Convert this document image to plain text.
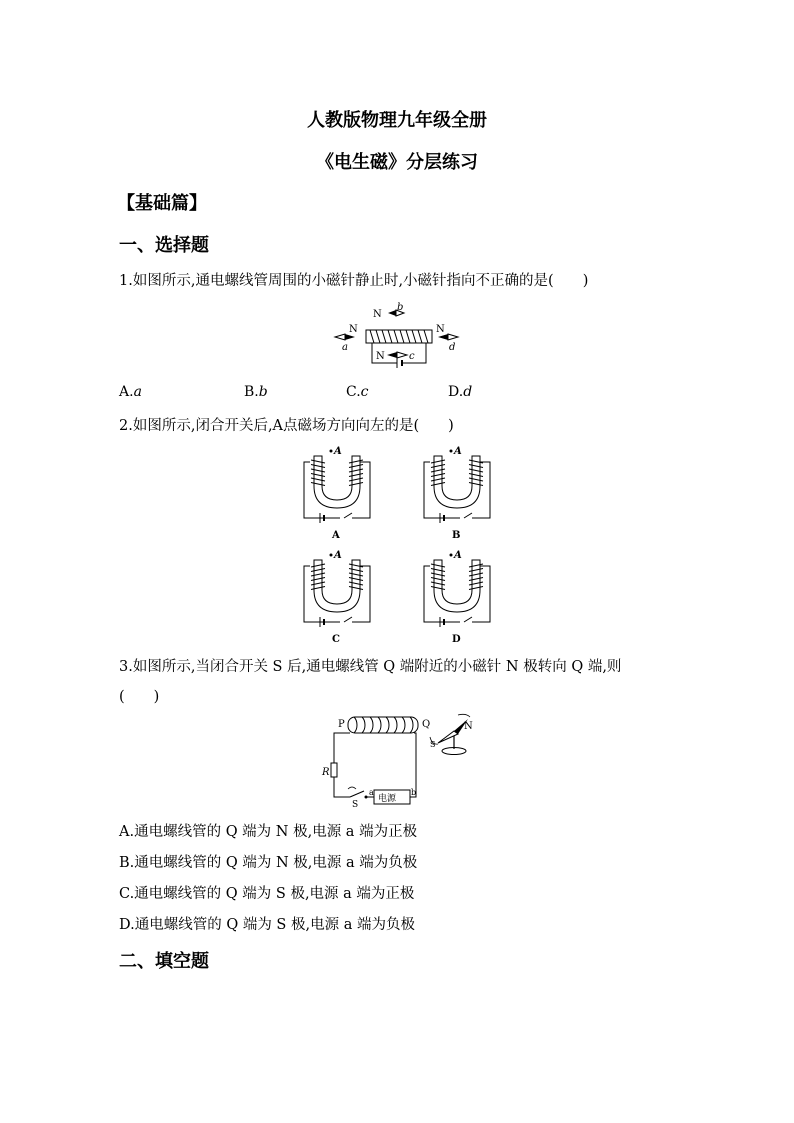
人教版物理九年级全册
《电生磁》分层练习
【基础篇】
一、选择题
1.如图所示,通电螺线管周围的小磁针静止时,小磁针指向不正确的是(　　)
N
b
N
a
N
d
N c
A.a	B.b	C.c	D.d
2.如图所示,闭合开关后,A点磁场方向向左的是(　　)
A
A
A
B
A
C
A
D
3.如图所示,当闭合开关 S 后,通电螺线管 Q 端附近的小磁针 N 极转向 Q 端,则
(　　)
P	Q
R
S
电源
a	b
N
S
A.通电螺线管的 Q 端为 N 极,电源 a 端为正极
B.通电螺线管的 Q 端为 N 极,电源 a 端为负极
C.通电螺线管的 Q 端为 S 极,电源 a 端为正极
D.通电螺线管的 Q 端为 S 极,电源 a 端为负极
二、填空题
